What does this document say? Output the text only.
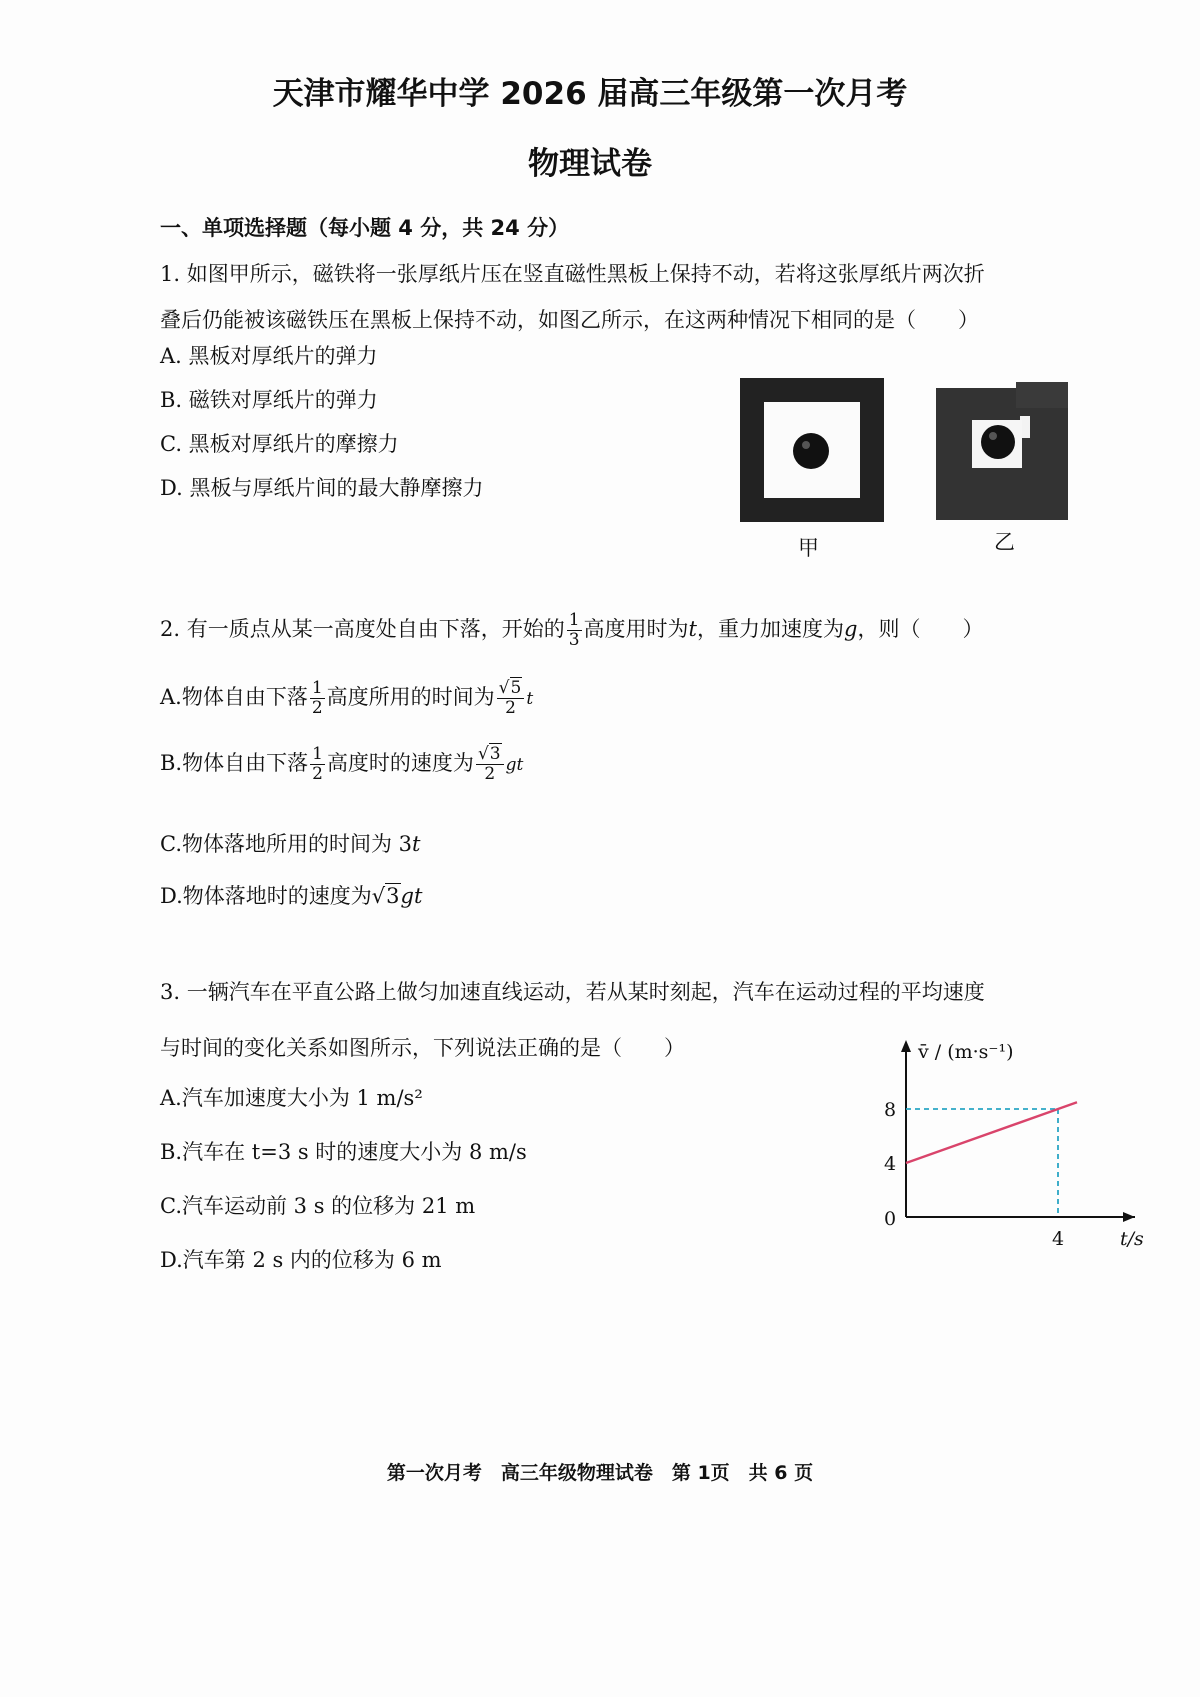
天津市耀华中学 2026 届高三年级第一次月考
物理试卷
一、单项选择题（每小题 4 分，共 24 分）
1. 如图甲所示，磁铁将一张厚纸片压在竖直磁性黑板上保持不动，若将这张厚纸片两次折
叠后仍能被该磁铁压在黑板上保持不动，如图乙所示，在这两种情况下相同的是（　　）
A. 黑板对厚纸片的弹力
B. 磁铁对厚纸片的弹力
C. 黑板对厚纸片的摩擦力
D. 黑板与厚纸片间的最大静摩擦力
甲	乙
2. 有一质点从某一高度处自由下落，开始的 $\frac{1}{3}$ 高度用时为t，重力加速度为g，则（　　）
A.物体自由下落 $\frac{1}{2}$ 高度所用的时间为 $\frac{√5}{2}$ t
B.物体自由下落 $\frac{1}{2}$ 高度时的速度为 $\frac{√3}{2}$ gt
C.物体落地所用的时间为 3t
D.物体落地时的速度为√3gt
3. 一辆汽车在平直公路上做匀加速直线运动，若从某时刻起，汽车在运动过程的平均速度
与时间的变化关系如图所示，下列说法正确的是（　　）
A.汽车加速度大小为 1 m/s²
B.汽车在 t=3 s 时的速度大小为 8 m/s
C.汽车运动前 3 s 的位移为 21 m
D.汽车第 2 s 内的位移为 6 m
4
8
0
4
v̄ / (m·s⁻¹)
t/s
第一次月考　高三年级物理试卷　第 1页　共 6 页
